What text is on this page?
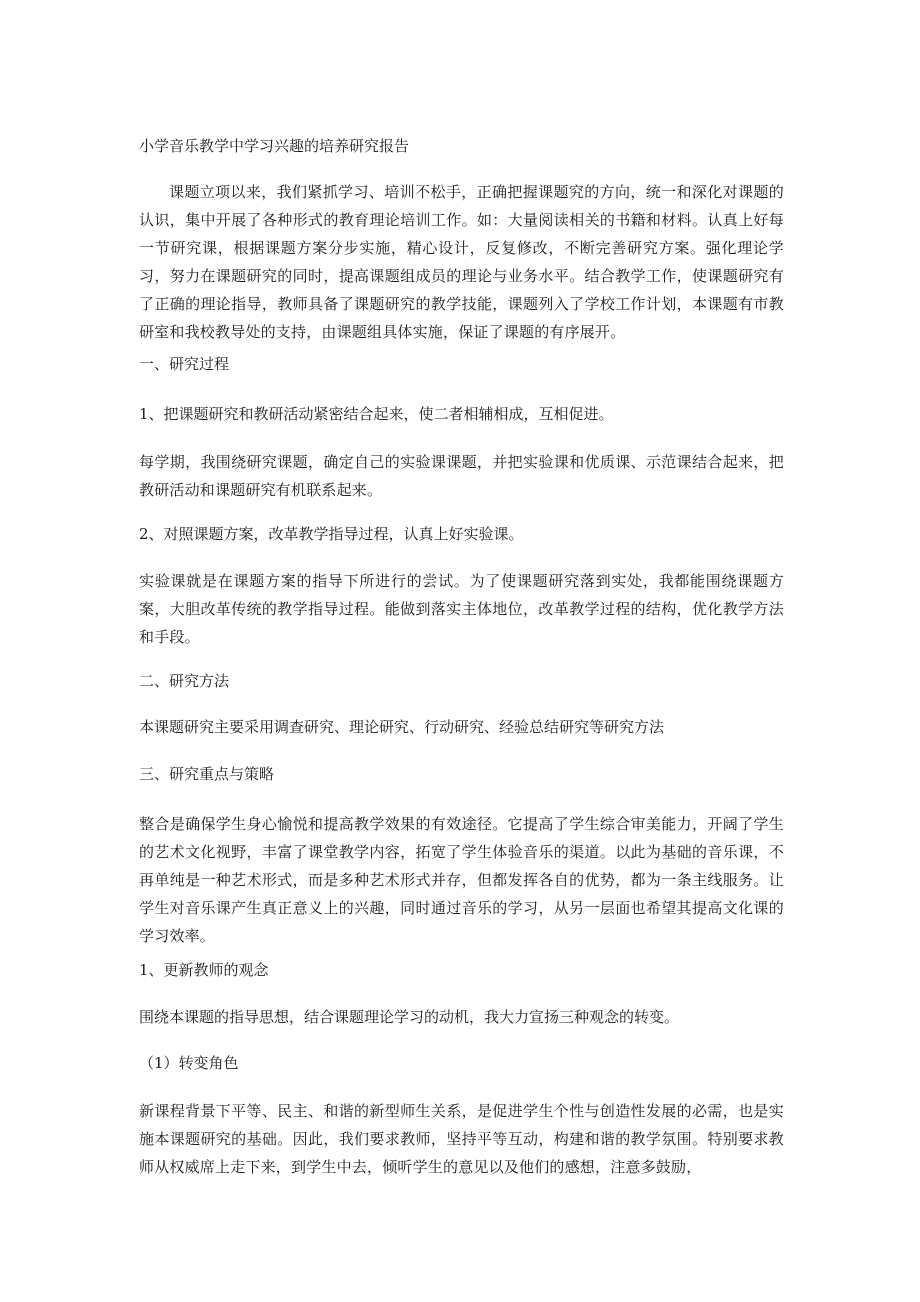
小学音乐教学中学习兴趣的培养研究报告
课题立项以来，我们紧抓学习、培训不松手，正确把握课题究的方向，统一和深化对课题的认识，集中开展了各种形式的教育理论培训工作。如：大量阅读相关的书籍和材料。认真上好每一节研究课，根据课题方案分步实施，精心设计，反复修改，不断完善研究方案。强化理论学习，努力在课题研究的同时，提高课题组成员的理论与业务水平。结合教学工作，使课题研究有了正确的理论指导，教师具备了课题研究的教学技能，课题列入了学校工作计划，本课题有市教研室和我校教导处的支持，由课题组具体实施，保证了课题的有序展开。
一、研究过程
1、把课题研究和教研活动紧密结合起来，使二者相辅相成，互相促进。
每学期，我围绕研究课题，确定自己的实验课课题，并把实验课和优质课、示范课结合起来，把教研活动和课题研究有机联系起来。
2、对照课题方案，改革教学指导过程，认真上好实验课。
实验课就是在课题方案的指导下所进行的尝试。为了使课题研究落到实处，我都能围绕课题方案，大胆改革传统的教学指导过程。能做到落实主体地位，改革教学过程的结构，优化教学方法和手段。
二、研究方法
本课题研究主要采用调查研究、理论研究、行动研究、经验总结研究等研究方法
三、研究重点与策略
整合是确保学生身心愉悦和提高教学效果的有效途径。它提高了学生综合审美能力，开阔了学生的艺术文化视野，丰富了课堂教学内容，拓宽了学生体验音乐的渠道。以此为基础的音乐课，不再单纯是一种艺术形式，而是多种艺术形式并存，但都发挥各自的优势，都为一条主线服务。让学生对音乐课产生真正意义上的兴趣，同时通过音乐的学习，从另一层面也希望其提高文化课的学习效率。
1、更新教师的观念
围绕本课题的指导思想，结合课题理论学习的动机，我大力宣扬三种观念的转变。
（1）转变角色
新课程背景下平等、民主、和谐的新型师生关系，是促进学生个性与创造性发展的必需，也是实施本课题研究的基础。因此，我们要求教师，坚持平等互动，构建和谐的教学氛围。特别要求教师从权威席上走下来，到学生中去，倾听学生的意见以及他们的感想，注意多鼓励，
